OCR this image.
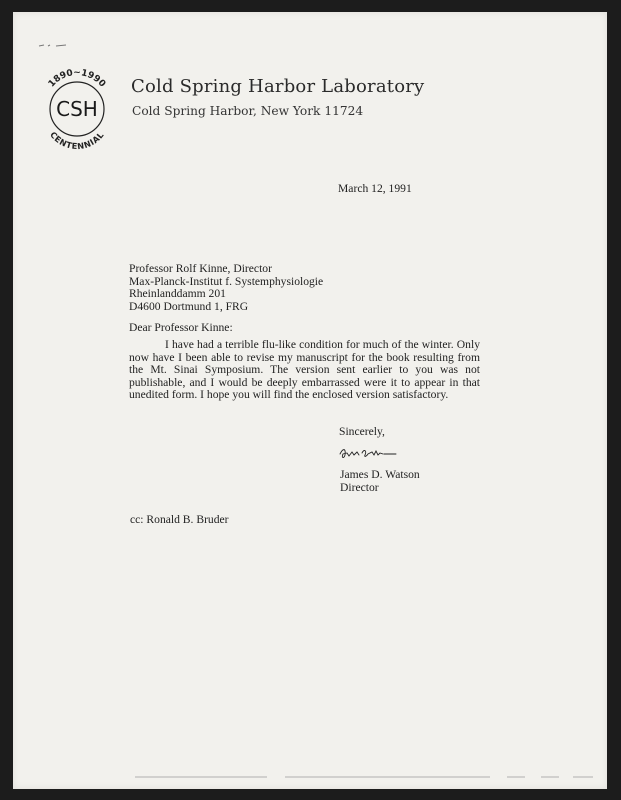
1890~1990
CENTENNIAL
CSH
Cold Spring Harbor Laboratory
Cold Spring Harbor, New York 11724
March 12, 1991
Professor Rolf Kinne, Director
Max-Planck-Institut f. Systemphysiologie
Rheinlanddamm 201
D4600 Dortmund 1, FRG
Dear Professor Kinne:
I have had a terrible flu-like condition for much of the winter. Only now have I been able to revise my manuscript for the book resulting from the Mt. Sinai Symposium. The version sent earlier to you was not publishable, and I would be deeply embarrassed were it to appear in that unedited form. I hope you will find the enclosed version satisfactory.
Sincerely,
James D. Watson
Director
cc: Ronald B. Bruder
